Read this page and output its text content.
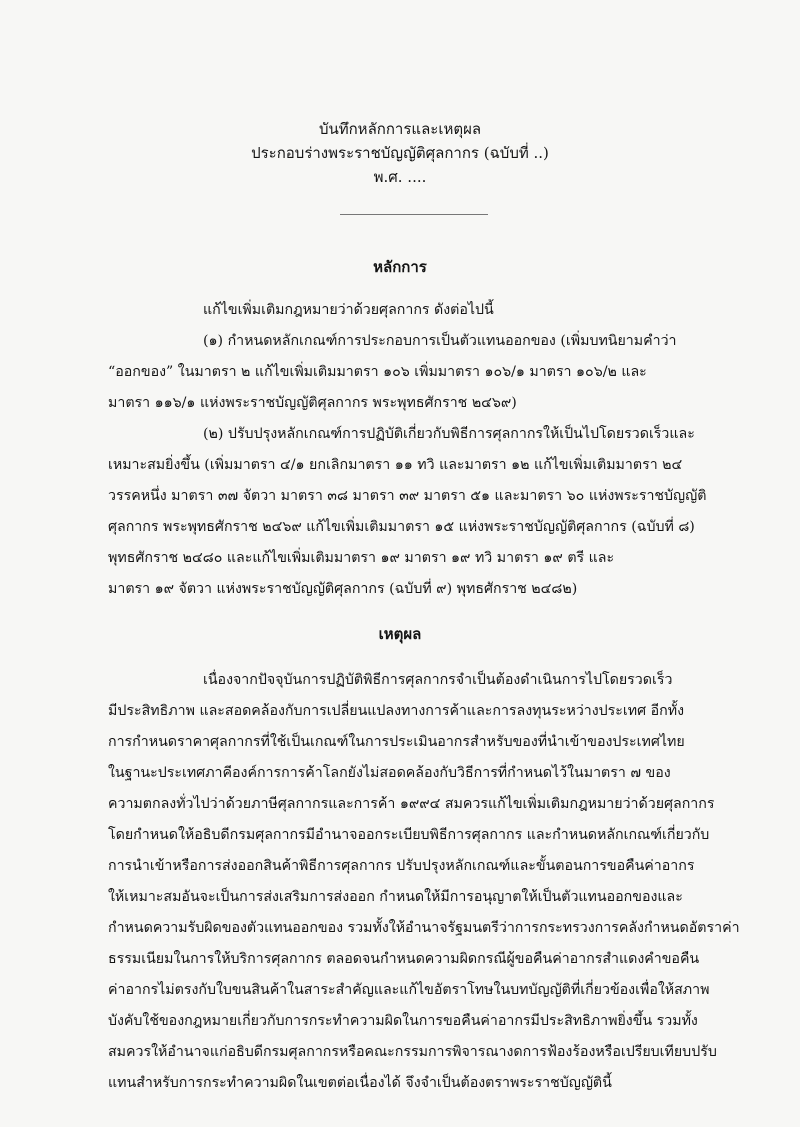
บันทึกหลักการและเหตุผล
ประกอบร่างพระราชบัญญัติศุลกากร (ฉบับที่ ..)
พ.ศ. ....
หลักการ
แก้ไขเพิ่มเติมกฎหมายว่าด้วยศุลกากร ดังต่อไปนี้
(๑) กำหนดหลักเกณฑ์การประกอบการเป็นตัวแทนออกของ (เพิ่มบทนิยามคำว่า
“ออกของ” ในมาตรา ๒ แก้ไขเพิ่มเติมมาตรา ๑๐๖ เพิ่มมาตรา ๑๐๖/๑ มาตรา ๑๐๖/๒ และ
มาตรา ๑๑๖/๑ แห่งพระราชบัญญัติศุลกากร พระพุทธศักราช ๒๔๖๙)
(๒) ปรับปรุงหลักเกณฑ์การปฏิบัติเกี่ยวกับพิธีการศุลกากรให้เป็นไปโดยรวดเร็วและ
เหมาะสมยิ่งขึ้น (เพิ่มมาตรา ๔/๑ ยกเลิกมาตรา ๑๑ ทวิ และมาตรา ๑๒ แก้ไขเพิ่มเติมมาตรา ๒๔
วรรคหนึ่ง มาตรา ๓๗ จัตวา มาตรา ๓๘ มาตรา ๓๙ มาตรา ๕๑ และมาตรา ๖๐ แห่งพระราชบัญญัติ
ศุลกากร พระพุทธศักราช ๒๔๖๙ แก้ไขเพิ่มเติมมาตรา ๑๕ แห่งพระราชบัญญัติศุลกากร (ฉบับที่ ๘)
พุทธศักราช ๒๔๘๐ และแก้ไขเพิ่มเติมมาตรา ๑๙ มาตรา ๑๙ ทวิ มาตรา ๑๙ ตรี และ
มาตรา ๑๙ จัตวา แห่งพระราชบัญญัติศุลกากร (ฉบับที่ ๙) พุทธศักราช ๒๔๘๒)
เหตุผล
เนื่องจากปัจจุบันการปฏิบัติพิธีการศุลกากรจำเป็นต้องดำเนินการไปโดยรวดเร็ว
มีประสิทธิภาพ และสอดคล้องกับการเปลี่ยนแปลงทางการค้าและการลงทุนระหว่างประเทศ อีกทั้ง
การกำหนดราคาศุลกากรที่ใช้เป็นเกณฑ์ในการประเมินอากรสำหรับของที่นำเข้าของประเทศไทย
ในฐานะประเทศภาคีองค์การการค้าโลกยังไม่สอดคล้องกับวิธีการที่กำหนดไว้ในมาตรา ๗ ของ
ความตกลงทั่วไปว่าด้วยภาษีศุลกากรและการค้า ๑๙๙๔ สมควรแก้ไขเพิ่มเติมกฎหมายว่าด้วยศุลกากร
โดยกำหนดให้อธิบดีกรมศุลกากรมีอำนาจออกระเบียบพิธีการศุลกากร และกำหนดหลักเกณฑ์เกี่ยวกับ
การนำเข้าหรือการส่งออกสินค้าพิธีการศุลกากร ปรับปรุงหลักเกณฑ์และขั้นตอนการขอคืนค่าอากร
ให้เหมาะสมอันจะเป็นการส่งเสริมการส่งออก กำหนดให้มีการอนุญาตให้เป็นตัวแทนออกของและ
กำหนดความรับผิดของตัวแทนออกของ รวมทั้งให้อำนาจรัฐมนตรีว่าการกระทรวงการคลังกำหนดอัตราค่า
ธรรมเนียมในการให้บริการศุลกากร ตลอดจนกำหนดความผิดกรณีผู้ขอคืนค่าอากรสำแดงคำขอคืน
ค่าอากรไม่ตรงกับใบขนสินค้าในสาระสำคัญและแก้ไขอัตราโทษในบทบัญญัติที่เกี่ยวข้องเพื่อให้สภาพ
บังคับใช้ของกฎหมายเกี่ยวกับการกระทำความผิดในการขอคืนค่าอากรมีประสิทธิภาพยิ่งขึ้น รวมทั้ง
สมควรให้อำนาจแก่อธิบดีกรมศุลกากรหรือคณะกรรมการพิจารณางดการฟ้องร้องหรือเปรียบเทียบปรับ
แทนสำหรับการกระทำความผิดในเขตต่อเนื่องได้ จึงจำเป็นต้องตราพระราชบัญญัตินี้
